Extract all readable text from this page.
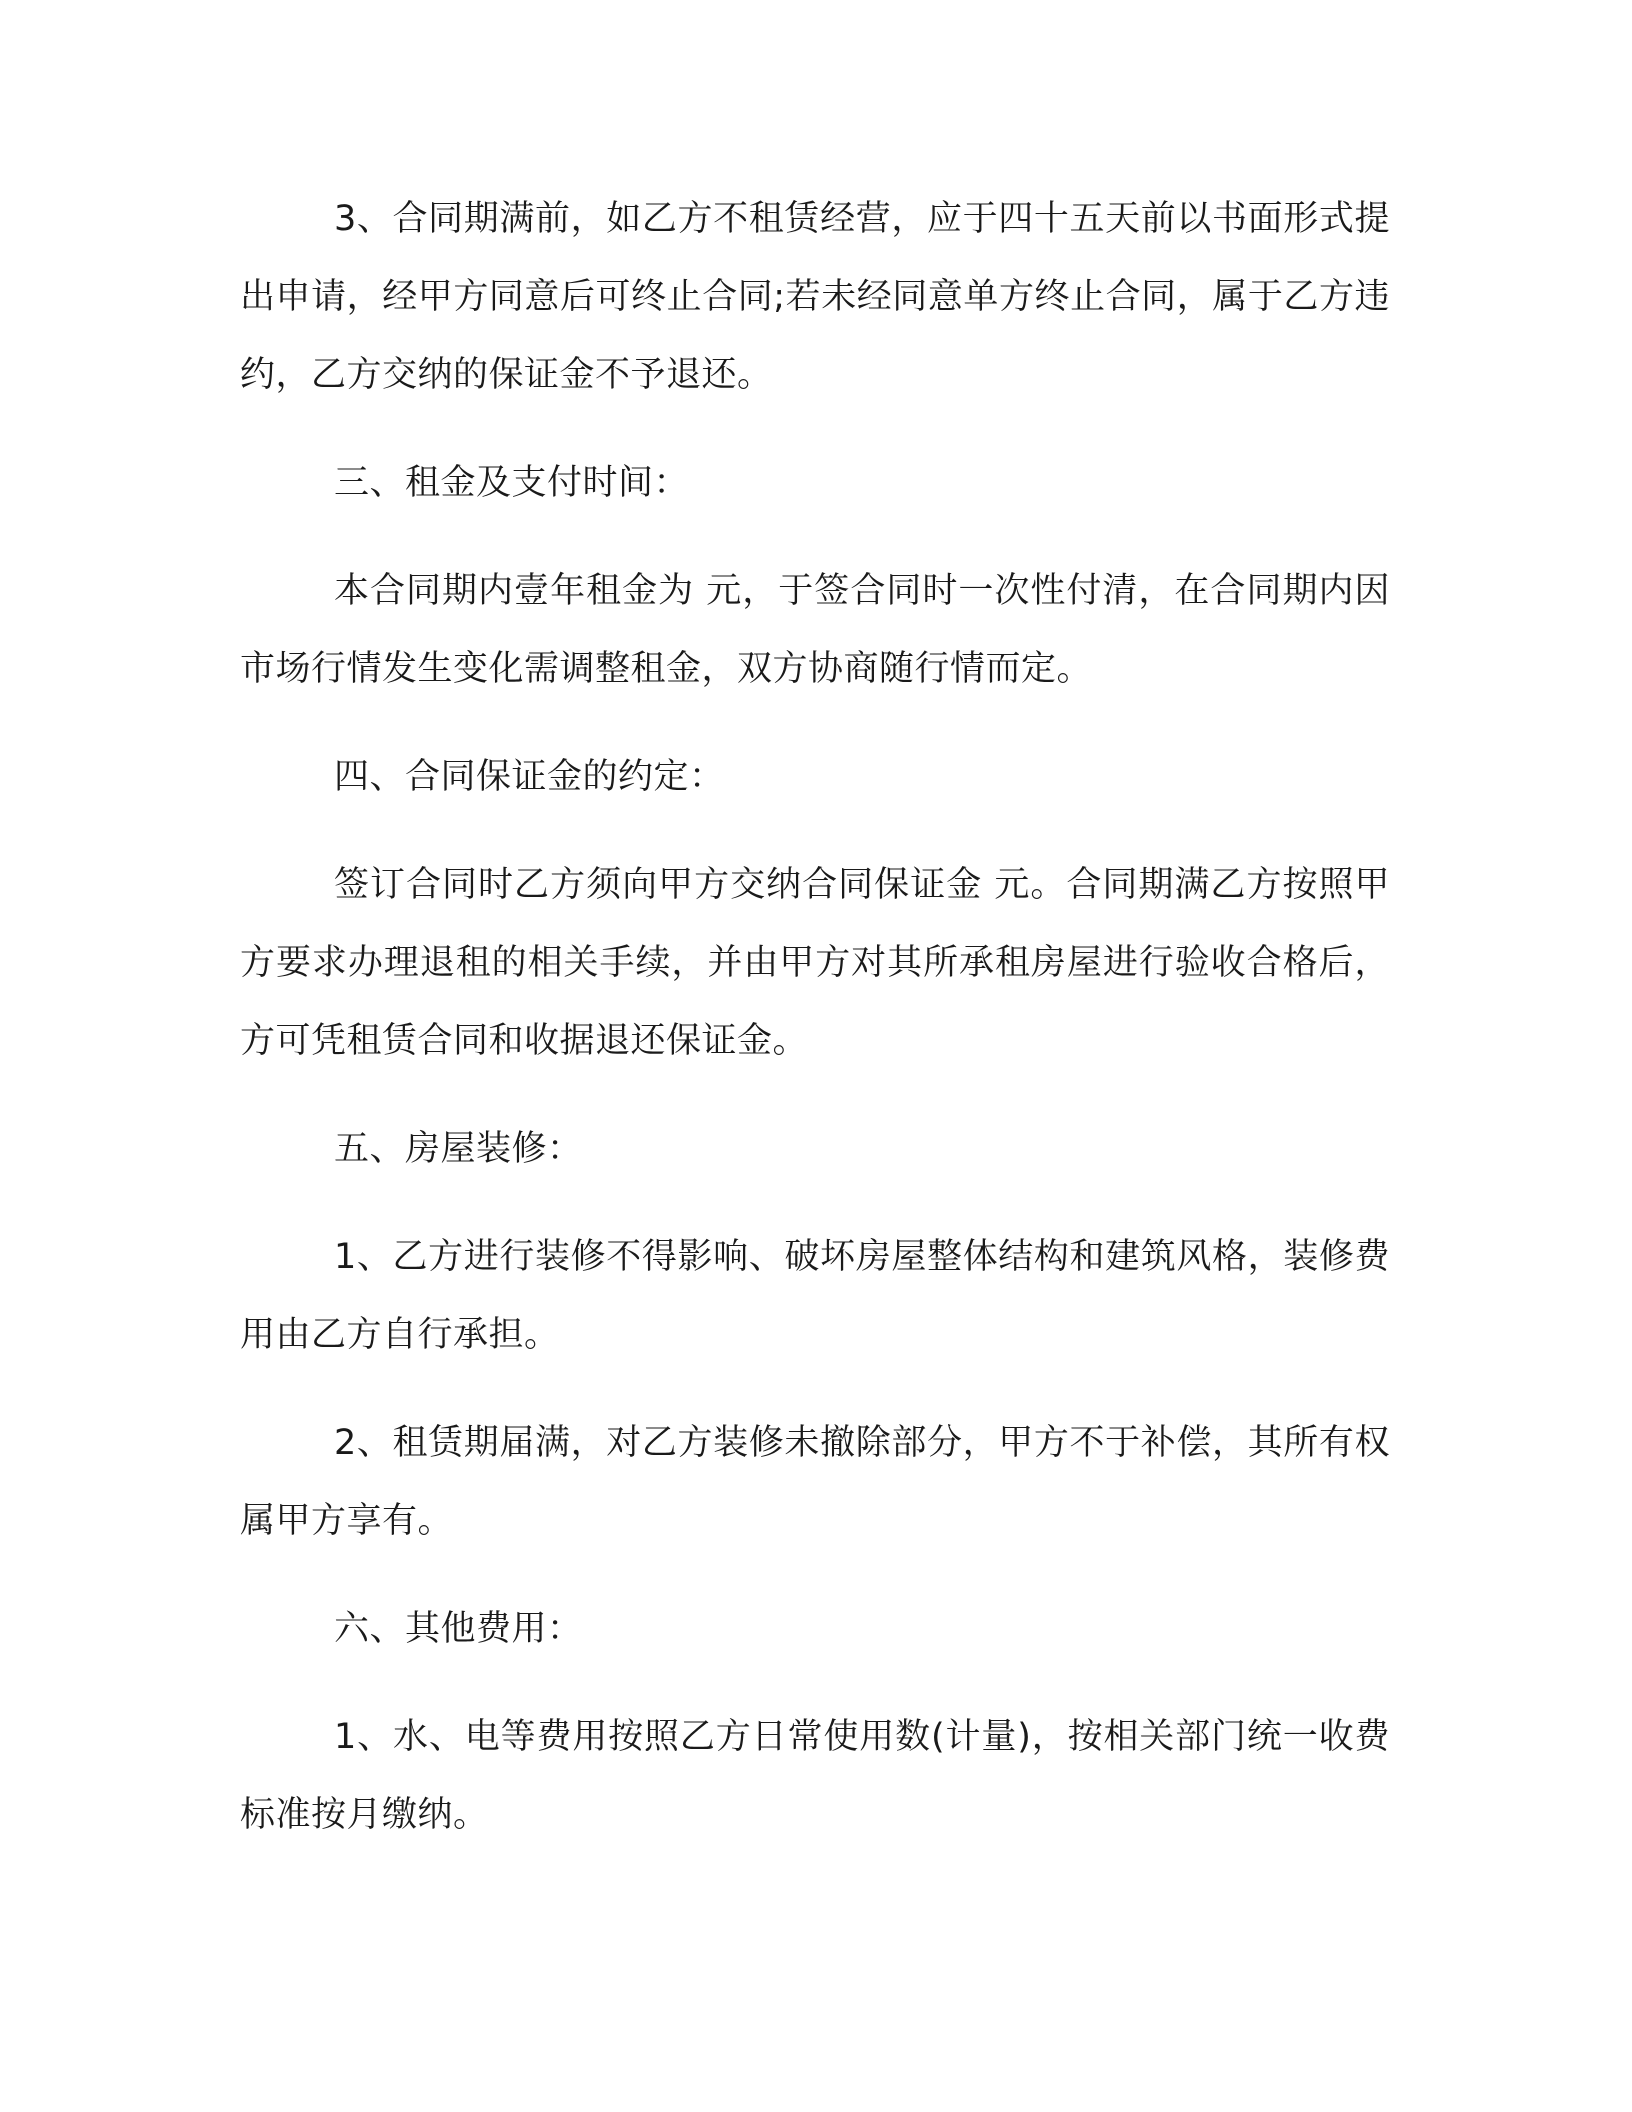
3、合同期满前，如乙方不租赁经营，应于四十五天前以书面形式提出申请，经甲方同意后可终止合同;若未经同意单方终止合同，属于乙方违约，乙方交纳的保证金不予退还。

三、租金及支付时间：

本合同期内壹年租金为 元，于签合同时一次性付清，在合同期内因市场行情发生变化需调整租金，双方协商随行情而定。

四、合同保证金的约定：

签订合同时乙方须向甲方交纳合同保证金 元。合同期满乙方按照甲方要求办理退租的相关手续，并由甲方对其所承租房屋进行验收合格后，方可凭租赁合同和收据退还保证金。

五、房屋装修：

1、乙方进行装修不得影响、破坏房屋整体结构和建筑风格，装修费用由乙方自行承担。

2、租赁期届满，对乙方装修未撤除部分，甲方不于补偿，其所有权属甲方享有。

六、其他费用：

1、水、电等费用按照乙方日常使用数(计量)，按相关部门统一收费标准按月缴纳。
